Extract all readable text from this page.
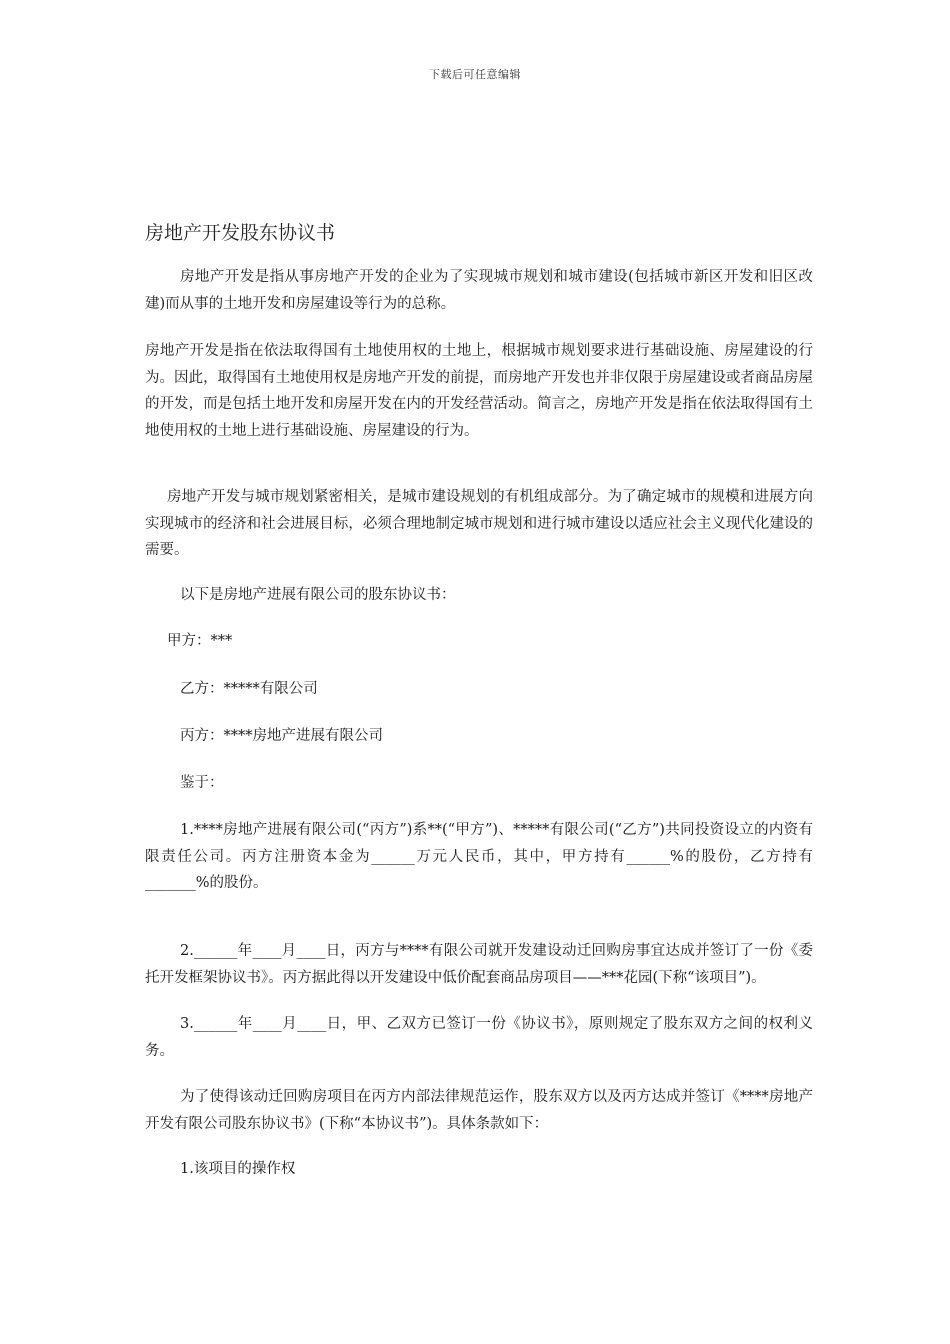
下载后可任意编辑
房地产开发股东协议书

房地产开发是指从事房地产开发的企业为了实现城市规划和城市建设(包括城市新区开发和旧区改建)而从事的土地开发和房屋建设等行为的总称。

房地产开发是指在依法取得国有土地使用权的土地上，根据城市规划要求进行基础设施、房屋建设的行为。因此，取得国有土地使用权是房地产开发的前提，而房地产开发也并非仅限于房屋建设或者商品房屋的开发，而是包括土地开发和房屋开发在内的开发经营活动。简言之，房地产开发是指在依法取得国有土地使用权的土地上进行基础设施、房屋建设的行为。

房地产开发与城市规划紧密相关，是城市建设规划的有机组成部分。为了确定城市的规模和进展方向实现城市的经济和社会进展目标，必须合理地制定城市规划和进行城市建设以适应社会主义现代化建设的需要。

以下是房地产进展有限公司的股东协议书：

甲方：***

乙方：*****有限公司

丙方：****房地产进展有限公司

鉴于：

1.****房地产进展有限公司(“丙方”)系**(“甲方”)、*****有限公司(“乙方”)共同投资设立的内资有限责任公司。丙方注册资本金为______万元人民币，其中，甲方持有______%的股份，乙方持有_______%的股份。

2.______年____月____日，丙方与****有限公司就开发建设动迁回购房事宜达成并签订了一份《委托开发框架协议书》。丙方据此得以开发建设中低价配套商品房项目——***花园(下称“该项目”)。

3.______年____月____日，甲、乙双方已签订一份《协议书》，原则规定了股东双方之间的权利义务。

为了使得该动迁回购房项目在丙方内部法律规范运作，股东双方以及丙方达成并签订《****房地产开发有限公司股东协议书》(下称“本协议书”)。具体条款如下：

1.该项目的操作权
